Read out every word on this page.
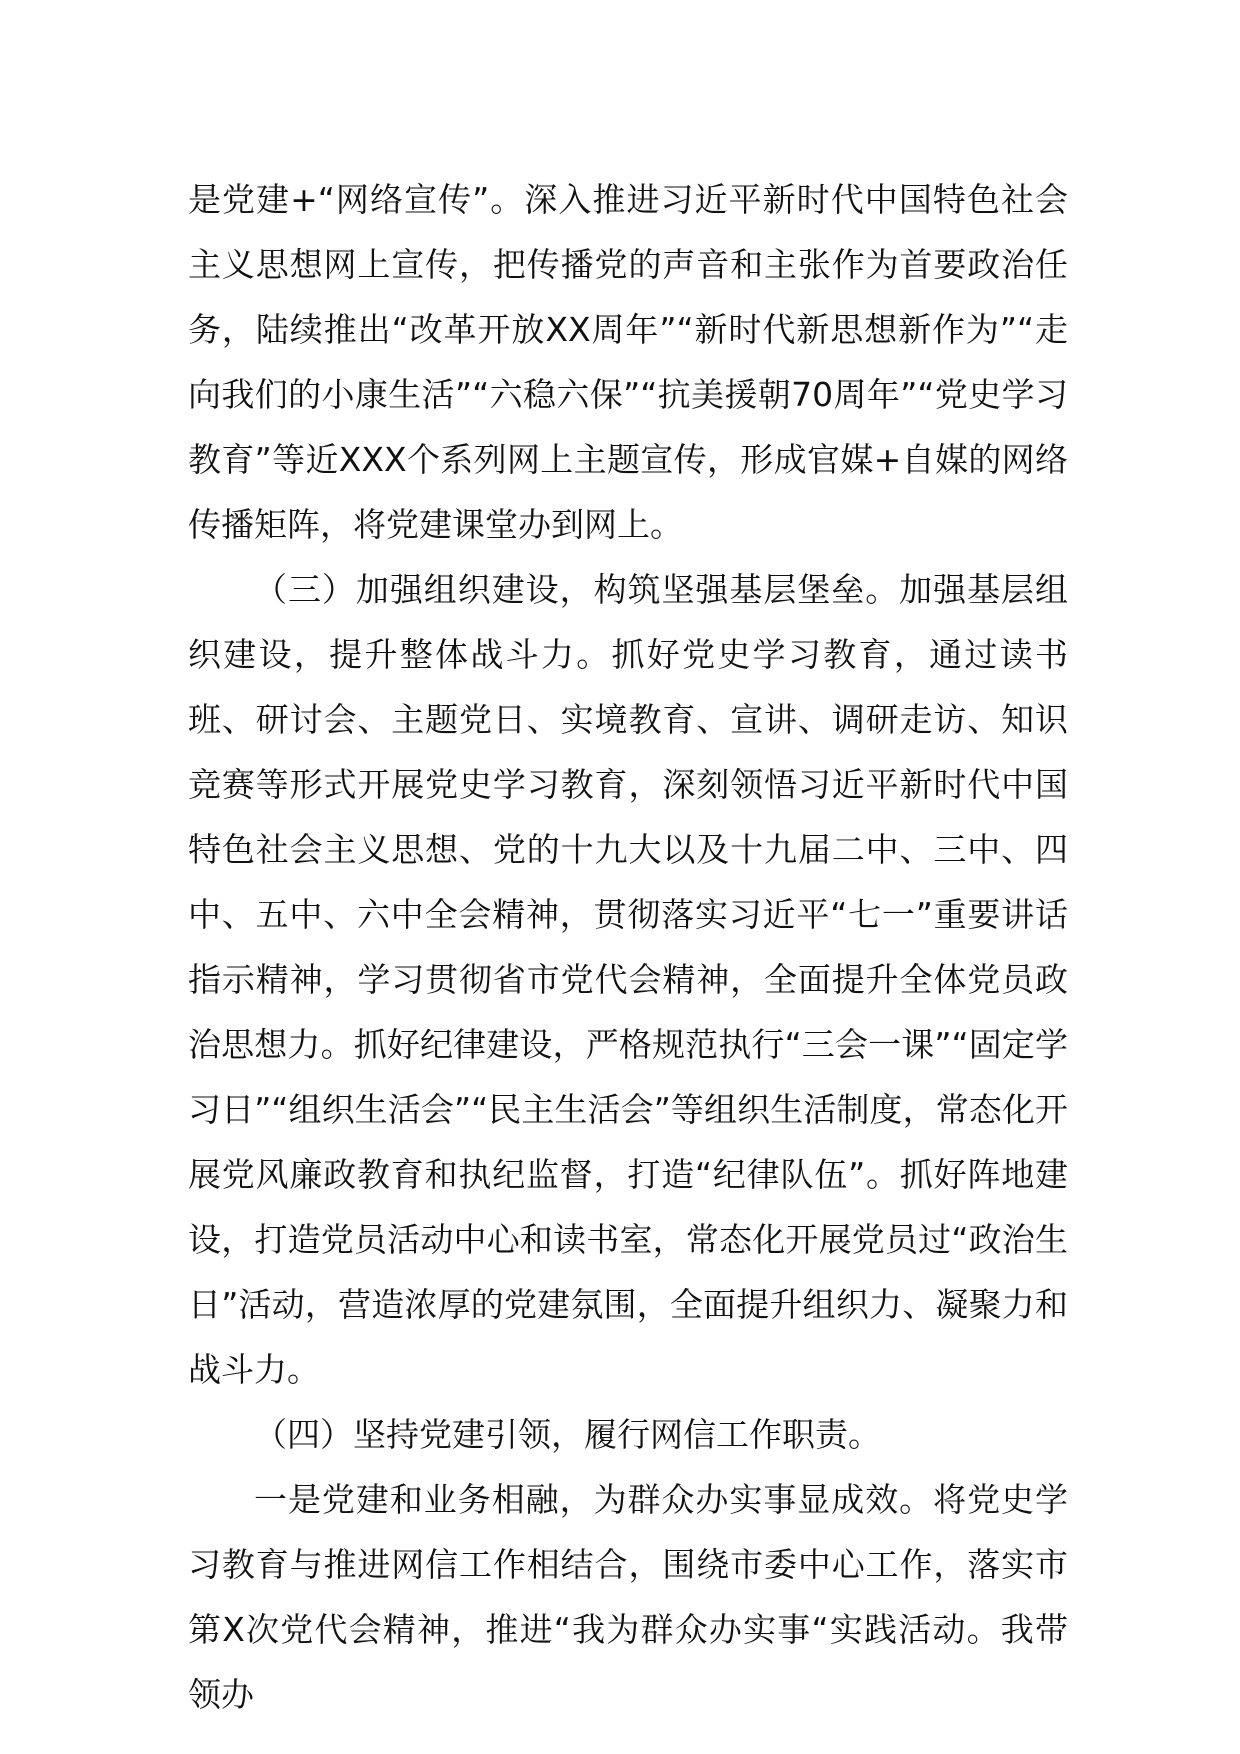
是党建+“网络宣传”。深入推进习近平新时代中国特色社会主义思想网上宣传，把传播党的声音和主张作为首要政治任务，陆续推出“改革开放XX周年”“新时代新思想新作为”“走向我们的小康生活”“六稳六保”“抗美援朝70周年”“党史学习教育”等近XXX个系列网上主题宣传，形成官媒+自媒的网络传播矩阵，将党建课堂办到网上。

（三）加强组织建设，构筑坚强基层堡垒。加强基层组织建设，提升整体战斗力。抓好党史学习教育，通过读书班、研讨会、主题党日、实境教育、宣讲、调研走访、知识竞赛等形式开展党史学习教育，深刻领悟习近平新时代中国特色社会主义思想、党的十九大以及十九届二中、三中、四中、五中、六中全会精神，贯彻落实习近平“七一”重要讲话指示精神，学习贯彻省市党代会精神，全面提升全体党员政治思想力。抓好纪律建设，严格规范执行“三会一课”“固定学习日”“组织生活会”“民主生活会”等组织生活制度，常态化开展党风廉政教育和执纪监督，打造“纪律队伍”。抓好阵地建设，打造党员活动中心和读书室，常态化开展党员过“政治生日”活动，营造浓厚的党建氛围，全面提升组织力、凝聚力和战斗力。

（四）坚持党建引领，履行网信工作职责。

一是党建和业务相融，为群众办实事显成效。将党史学习教育与推进网信工作相结合，围绕市委中心工作，落实市第X次党代会精神，推进“我为群众办实事“实践活动。我带领办
